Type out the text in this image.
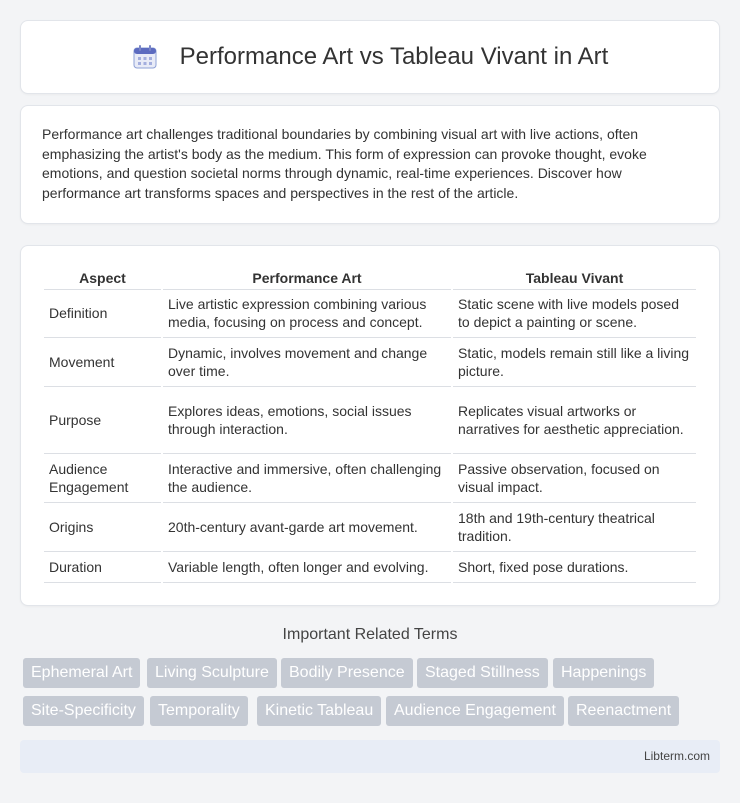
Performance Art vs Tableau Vivant in Art

Performance art challenges traditional boundaries by combining visual art with live actions, often emphasizing the artist's body as the medium. This form of expression can provoke thought, evoke emotions, and question societal norms through dynamic, real-time experiences. Discover how performance art transforms spaces and perspectives in the rest of the article.

Aspect	Performance Art	Tableau Vivant
Definition	Live artistic expression combining various media, focusing on process and concept.	Static scene with live models posed to depict a painting or scene.
Movement	Dynamic, involves movement and change over time.	Static, models remain still like a living picture.
Purpose	Explores ideas, emotions, social issues through interaction.	Replicates visual artworks or narratives for aesthetic appreciation.
Audience Engagement	Interactive and immersive, often challenging the audience.	Passive observation, focused on visual impact.
Origins	20th-century avant-garde art movement.	18th and 19th-century theatrical tradition.
Duration	Variable length, often longer and evolving.	Short, fixed pose durations.
Important Related Terms
Ephemeral Art	Living Sculpture	Bodily Presence	Staged Stillness	Happenings
Site-Specificity	Temporality	Kinetic Tableau	Audience Engagement	Reenactment
Libterm.com
